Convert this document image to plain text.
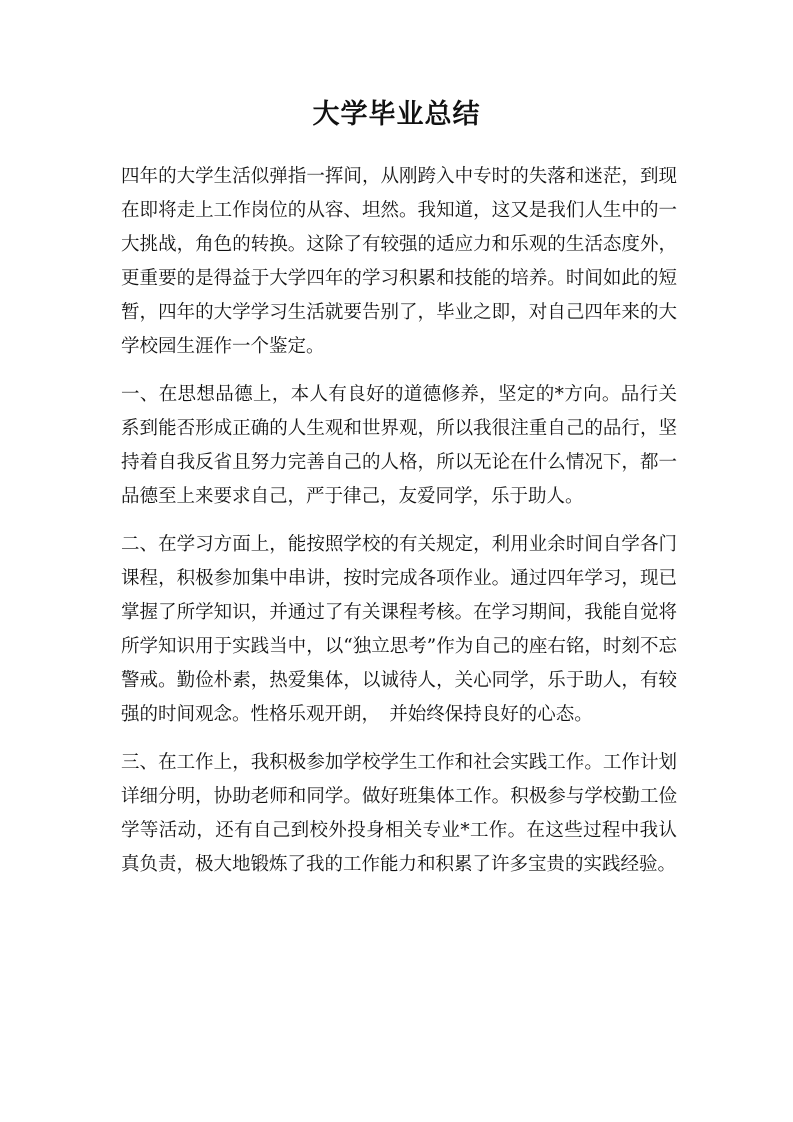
大学毕业总结

四年的大学生活似弹指一挥间，从刚跨入中专时的失落和迷茫，到现在即将走上工作岗位的从容、坦然。我知道，这又是我们人生中的一大挑战，角色的转换。这除了有较强的适应力和乐观的生活态度外，更重要的是得益于大学四年的学习积累和技能的培养。时间如此的短暂，四年的大学学习生活就要告别了，毕业之即，对自己四年来的大学校园生涯作一个鉴定。

一、在思想品德上，本人有良好的道德修养，坚定的*方向。品行关系到能否形成正确的人生观和世界观，所以我很注重自己的品行，坚持着自我反省且努力完善自己的人格，所以无论在什么情况下，都一品德至上来要求自己，严于律己，友爱同学，乐于助人。

二、在学习方面上，能按照学校的有关规定，利用业余时间自学各门课程，积极参加集中串讲，按时完成各项作业。通过四年学习，现已掌握了所学知识，并通过了有关课程考核。在学习期间，我能自觉将所学知识用于实践当中，以“独立思考”作为自己的座右铭，时刻不忘警戒。勤俭朴素，热爱集体，以诚待人，关心同学，乐于助人，有较强的时间观念。性格乐观开朗，　并始终保持良好的心态。

三、在工作上，我积极参加学校学生工作和社会实践工作。工作计划详细分明，协助老师和同学。做好班集体工作。积极参与学校勤工俭学等活动，还有自己到校外投身相关专业*工作。在这些过程中我认真负责，极大地锻炼了我的工作能力和积累了许多宝贵的实践经验。
